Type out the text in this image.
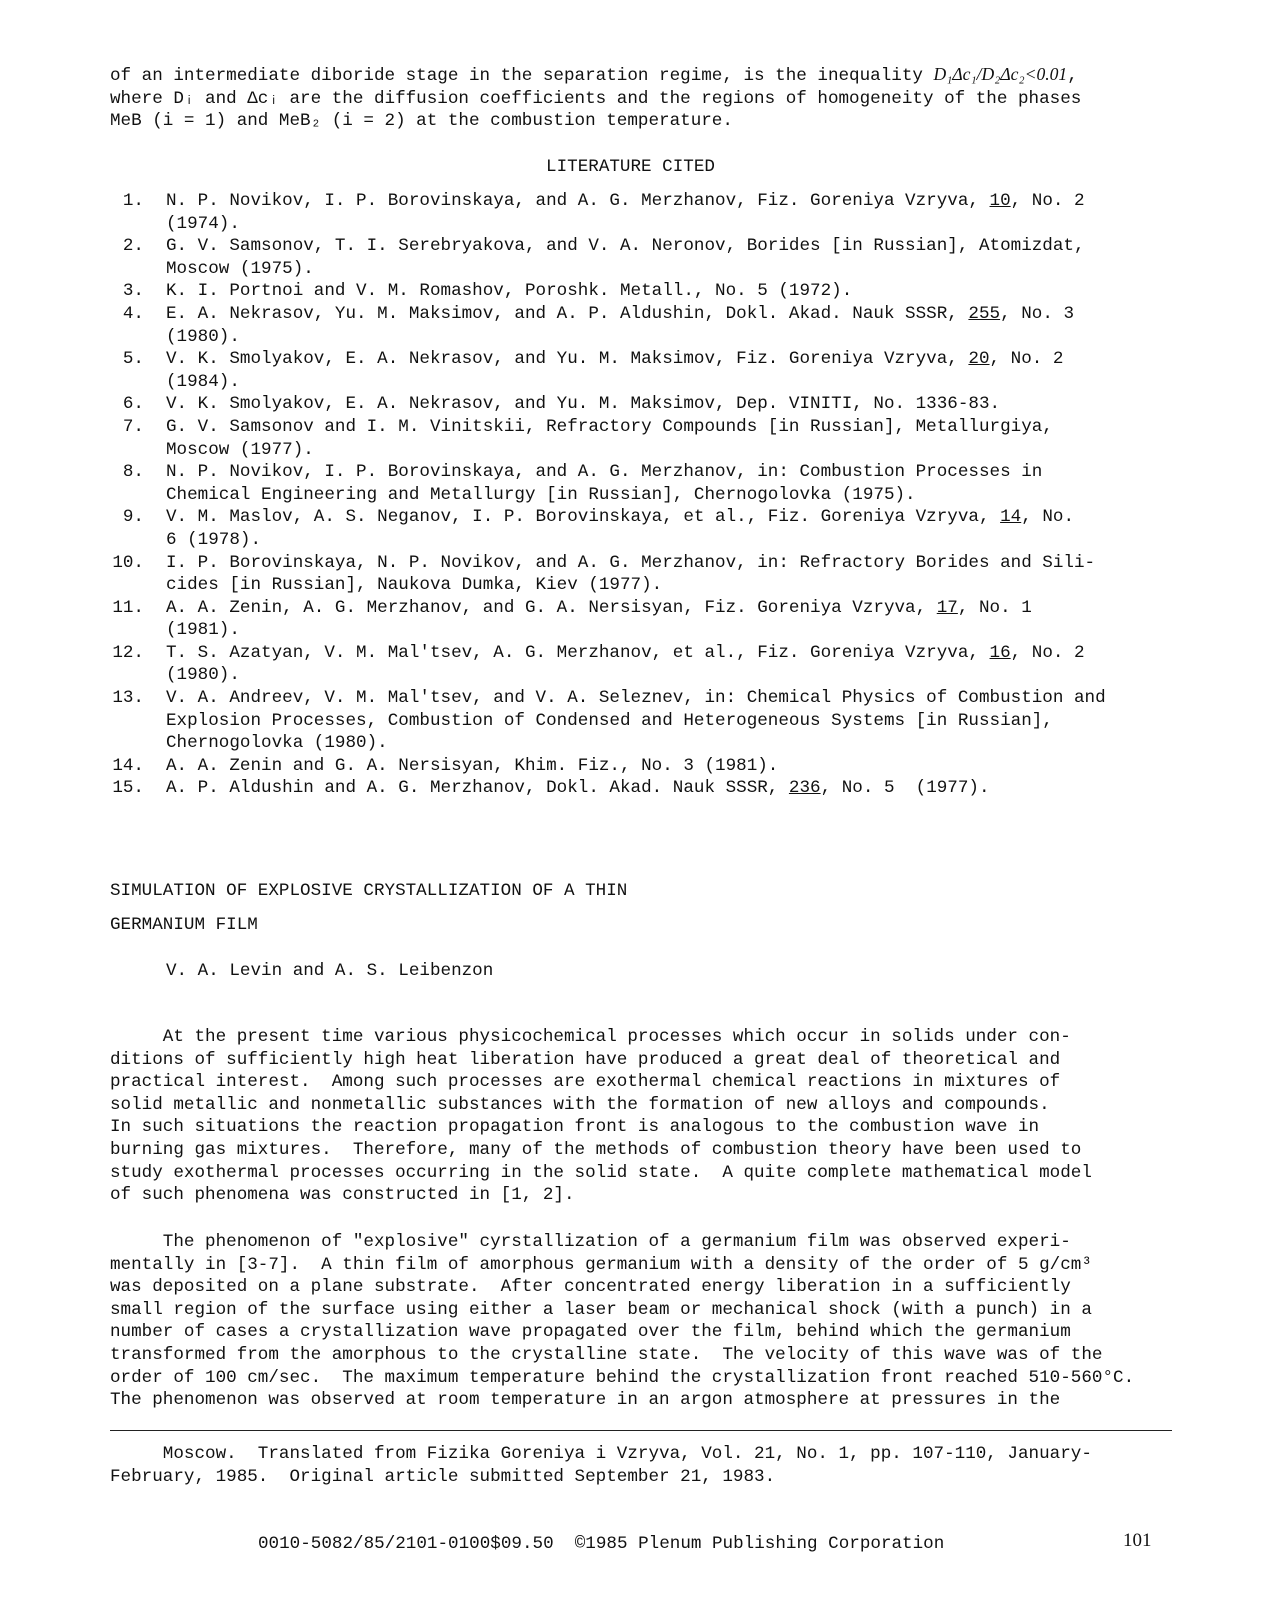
of an intermediate diboride stage in the separation regime, is the inequality D₁Δc₁/D₂Δc₂<0.01,
where Dᵢ and Δcᵢ are the diffusion coefficients and the regions of homogeneity of the phases
MeB (i = 1) and MeB₂ (i = 2) at the combustion temperature.
LITERATURE CITED
1. N. P. Novikov, I. P. Borovinskaya, and A. G. Merzhanov, Fiz. Goreniya Vzryva, 10, No. 2
(1974).
2. G. V. Samsonov, T. I. Serebryakova, and V. A. Neronov, Borides [in Russian], Atomizdat,
Moscow (1975).
3. K. I. Portnoi and V. M. Romashov, Poroshk. Metall., No. 5 (1972).
4. E. A. Nekrasov, Yu. M. Maksimov, and A. P. Aldushin, Dokl. Akad. Nauk SSSR, 255, No. 3
(1980).
5. V. K. Smolyakov, E. A. Nekrasov, and Yu. M. Maksimov, Fiz. Goreniya Vzryva, 20, No. 2
(1984).
6. V. K. Smolyakov, E. A. Nekrasov, and Yu. M. Maksimov, Dep. VINITI, No. 1336-83.
7. G. V. Samsonov and I. M. Vinitskii, Refractory Compounds [in Russian], Metallurgiya,
Moscow (1977).
8. N. P. Novikov, I. P. Borovinskaya, and A. G. Merzhanov, in: Combustion Processes in
Chemical Engineering and Metallurgy [in Russian], Chernogolovka (1975).
9. V. M. Maslov, A. S. Neganov, I. P. Borovinskaya, et al., Fiz. Goreniya Vzryva, 14, No.
6 (1978).
10. I. P. Borovinskaya, N. P. Novikov, and A. G. Merzhanov, in: Refractory Borides and Sili-
cides [in Russian], Naukova Dumka, Kiev (1977).
11. A. A. Zenin, A. G. Merzhanov, and G. A. Nersisyan, Fiz. Goreniya Vzryva, 17, No. 1
(1981).
12. T. S. Azatyan, V. M. Mal'tsev, A. G. Merzhanov, et al., Fiz. Goreniya Vzryva, 16, No. 2
(1980).
13. V. A. Andreev, V. M. Mal'tsev, and V. A. Seleznev, in: Chemical Physics of Combustion and
Explosion Processes, Combustion of Condensed and Heterogeneous Systems [in Russian],
Chernogolovka (1980).
14. A. A. Zenin and G. A. Nersisyan, Khim. Fiz., No. 3 (1981).
15. A. P. Aldushin and A. G. Merzhanov, Dokl. Akad. Nauk SSSR, 236, No. 5  (1977).
SIMULATION OF EXPLOSIVE CRYSTALLIZATION OF A THIN
GERMANIUM FILM
V. A. Levin and A. S. Leibenzon
At the present time various physicochemical processes which occur in solids under con-
ditions of sufficiently high heat liberation have produced a great deal of theoretical and
practical interest.  Among such processes are exothermal chemical reactions in mixtures of
solid metallic and nonmetallic substances with the formation of new alloys and compounds.
In such situations the reaction propagation front is analogous to the combustion wave in
burning gas mixtures.  Therefore, many of the methods of combustion theory have been used to
study exothermal processes occurring in the solid state.  A quite complete mathematical model
of such phenomena was constructed in [1, 2].
The phenomenon of "explosive" cyrstallization of a germanium film was observed experi-
mentally in [3-7].  A thin film of amorphous germanium with a density of the order of 5 g/cm³
was deposited on a plane substrate.  After concentrated energy liberation in a sufficiently
small region of the surface using either a laser beam or mechanical shock (with a punch) in a
number of cases a crystallization wave propagated over the film, behind which the germanium
transformed from the amorphous to the crystalline state.  The velocity of this wave was of the
order of 100 cm/sec.  The maximum temperature behind the crystallization front reached 510-560°C.
The phenomenon was observed at room temperature in an argon atmosphere at pressures in the
Moscow.  Translated from Fizika Goreniya i Vzryva, Vol. 21, No. 1, pp. 107-110, January-
February, 1985.  Original article submitted September 21, 1983.
0010-5082/85/2101-0100$09.50 ©1985 Plenum Publishing Corporation	101
